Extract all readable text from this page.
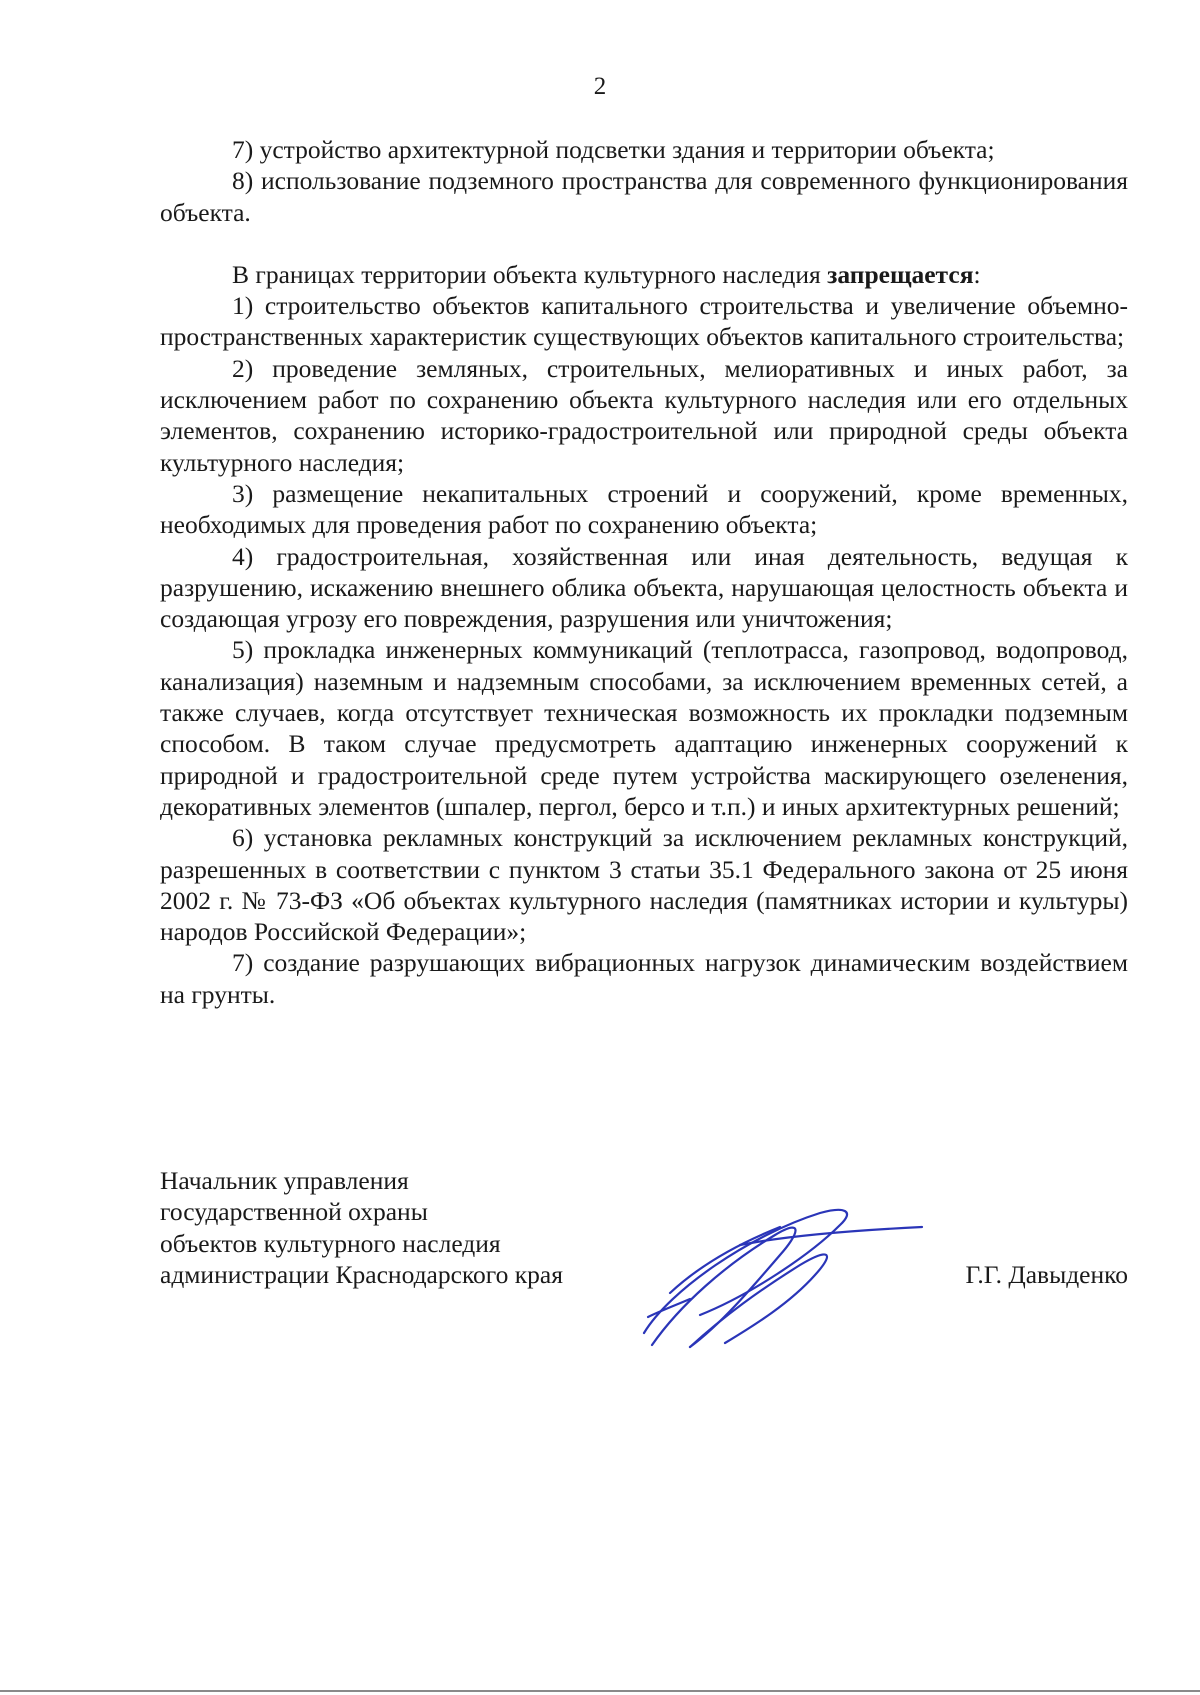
2

7) устройство архитектурной подсветки здания и территории объекта;

8) использование подземного пространства для современного функционирования объекта.

В границах территории объекта культурного наследия запрещается:

1) строительство объектов капитального строительства и увеличение объемно-пространственных характеристик существующих объектов капитального строительства;

2) проведение земляных, строительных, мелиоративных и иных работ, за исключением работ по сохранению объекта культурного наследия или его отдельных элементов, сохранению историко-градостроительной или природной среды объекта культурного наследия;

3) размещение некапитальных строений и сооружений, кроме временных, необходимых для проведения работ по сохранению объекта;

4) градостроительная, хозяйственная или иная деятельность, ведущая к разрушению, искажению внешнего облика объекта, нарушающая целостность объекта и создающая угрозу его повреждения, разрушения или уничтожения;

5) прокладка инженерных коммуникаций (теплотрасса, газопровод, водопровод, канализация) наземным и надземным способами, за исключением временных сетей, а также случаев, когда отсутствует техническая возможность их прокладки подземным способом. В таком случае предусмотреть адаптацию инженерных сооружений к природной и градостроительной среде путем устройства маскирующего озеленения, декоративных элементов (шпалер, пергол, берсо и т.п.) и иных архитектурных решений;

6) установка рекламных конструкций за исключением рекламных конструкций, разрешенных в соответствии с пунктом 3 статьи 35.1 Федерального закона от 25 июня 2002 г. № 73-ФЗ «Об объектах культурного наследия (памятниках истории и культуры) народов Российской Федерации»;

7) создание разрушающих вибрационных нагрузок динамическим воздействием на грунты.

Начальник управления
государственной охраны
объектов культурного наследия
администрации Краснодарского края	Г.Г. Давыденко
